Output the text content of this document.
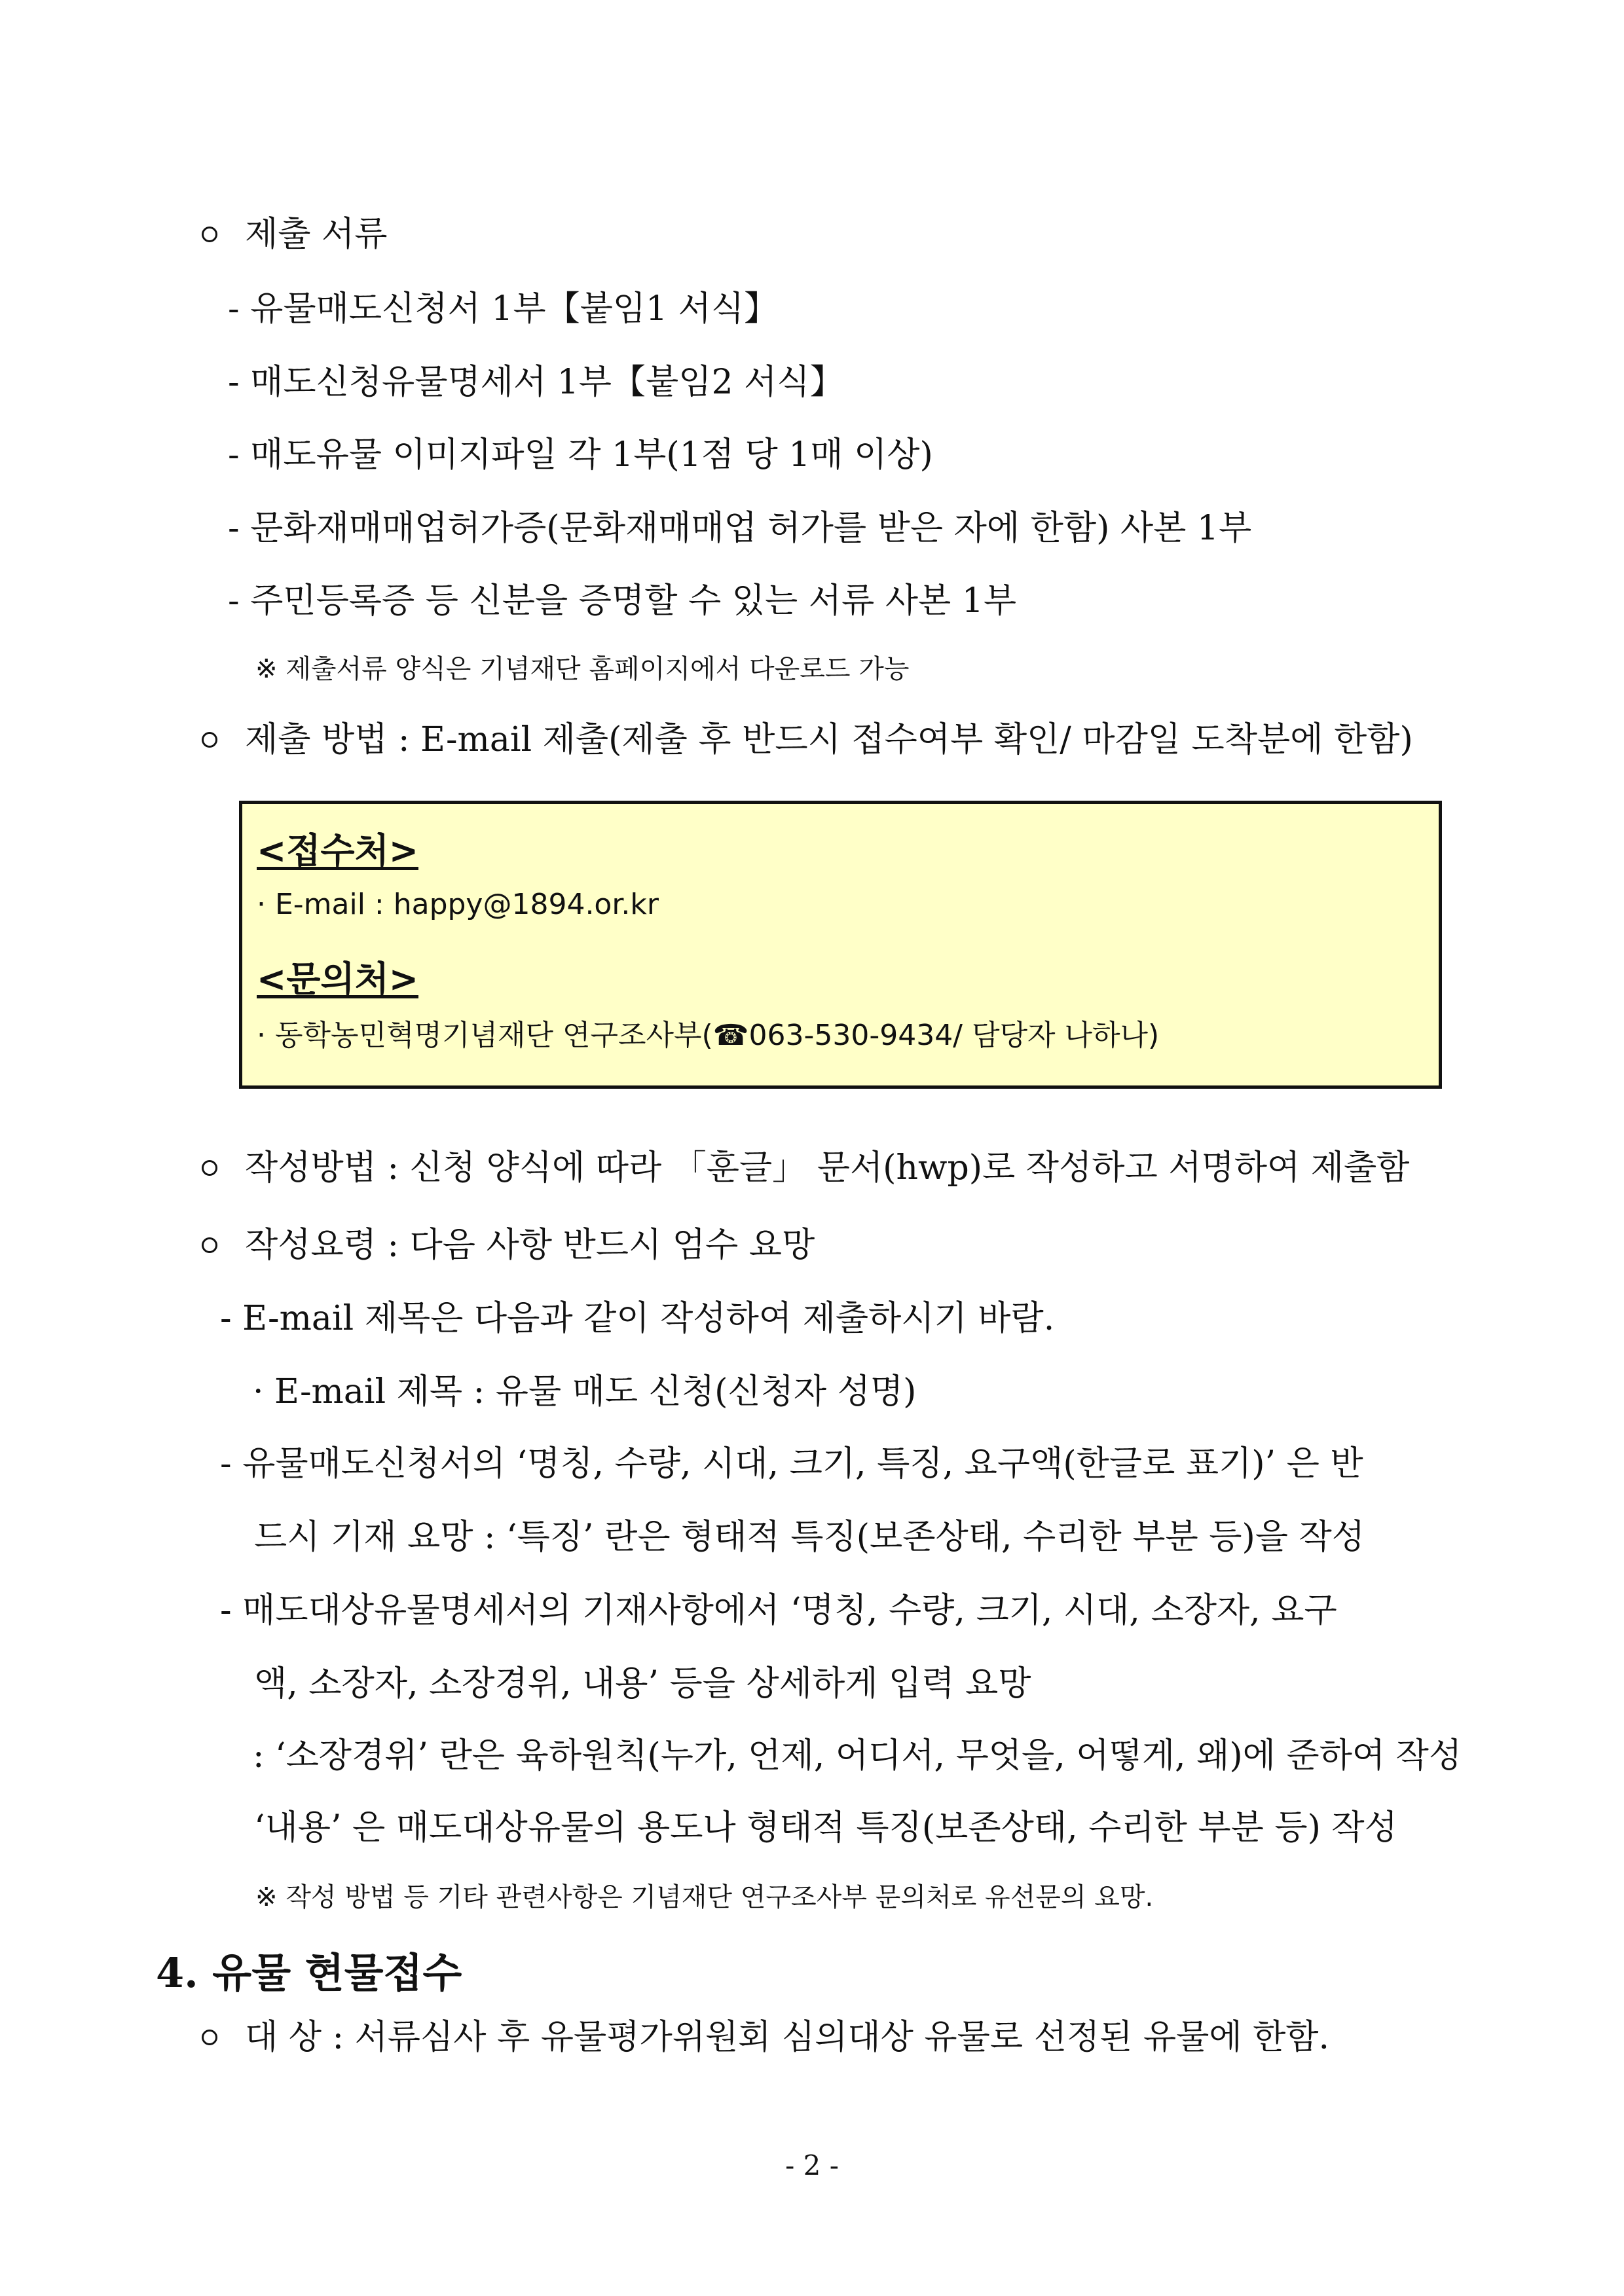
제출 서류
- 유물매도신청서 1부【붙임1 서식】
- 매도신청유물명세서 1부【붙임2 서식】
- 매도유물 이미지파일 각 1부(1점 당 1매 이상)
- 문화재매매업허가증(문화재매매업 허가를 받은 자에 한함) 사본 1부
- 주민등록증 등 신분을 증명할 수 있는 서류 사본 1부
※ 제출서류 양식은 기념재단 홈페이지에서 다운로드 가능
제출 방법 : E-mail 제출(제출 후 반드시 접수여부 확인/ 마감일 도착분에 한함)
<접수처>
· E-mail : happy@1894.or.kr
<문의처>
· 동학농민혁명기념재단 연구조사부(☎063-530-9434/ 담당자 나하나)
작성방법 : 신청 양식에 따라 「훈글」 문서(hwp)로 작성하고 서명하여 제출함
작성요령 : 다음 사항 반드시 엄수 요망
- E-mail 제목은 다음과 같이 작성하여 제출하시기 바람.
· E-mail 제목 : 유물 매도 신청(신청자 성명)
- 유물매도신청서의 ‘명칭, 수량, 시대, 크기, 특징, 요구액(한글로 표기)’ 은 반
드시 기재 요망 : ‘특징’ 란은 형태적 특징(보존상태, 수리한 부분 등)을 작성
- 매도대상유물명세서의 기재사항에서 ‘명칭, 수량, 크기, 시대, 소장자, 요구
액, 소장자, 소장경위, 내용’ 등을 상세하게 입력 요망
: ‘소장경위’ 란은 육하원칙(누가, 언제, 어디서, 무엇을, 어떻게, 왜)에 준하여 작성
‘내용’ 은 매도대상유물의 용도나 형태적 특징(보존상태, 수리한 부분 등) 작성
※ 작성 방법 등 기타 관련사항은 기념재단 연구조사부 문의처로 유선문의 요망.
4. 유물 현물접수
대 상 : 서류심사 후 유물평가위원회 심의대상 유물로 선정된 유물에 한함.
- 2 -
